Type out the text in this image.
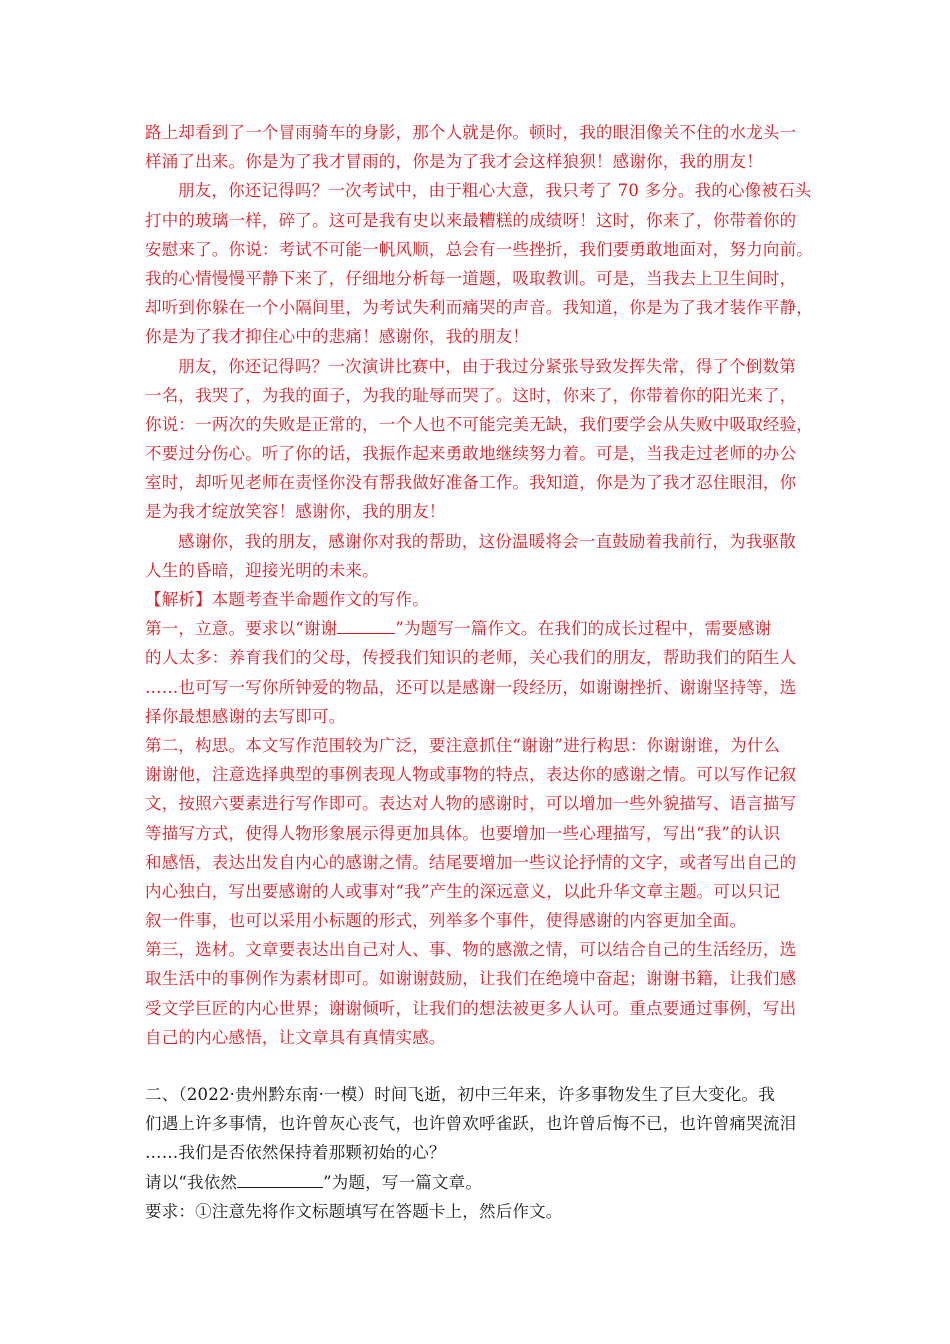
路上却看到了一个冒雨骑车的身影，那个人就是你。顿时，我的眼泪像关不住的水龙头一
样涌了出来。你是为了我才冒雨的，你是为了我才会这样狼狈！感谢你，我的朋友！
朋友，你还记得吗？一次考试中，由于粗心大意，我只考了 70 多分。我的心像被石头
打中的玻璃一样，碎了。这可是我有史以来最糟糕的成绩呀！这时，你来了，你带着你的
安慰来了。你说：考试不可能一帆风顺，总会有一些挫折，我们要勇敢地面对，努力向前。
我的心情慢慢平静下来了，仔细地分析每一道题，吸取教训。可是，当我去上卫生间时，
却听到你躲在一个小隔间里，为考试失利而痛哭的声音。我知道，你是为了我才装作平静，
你是为了我才抑住心中的悲痛！感谢你，我的朋友！
朋友，你还记得吗？一次演讲比赛中，由于我过分紧张导致发挥失常，得了个倒数第
一名，我哭了，为我的面子，为我的耻辱而哭了。这时，你来了，你带着你的阳光来了，
你说：一两次的失败是正常的，一个人也不可能完美无缺，我们要学会从失败中吸取经验，
不要过分伤心。听了你的话，我振作起来勇敢地继续努力着。可是，当我走过老师的办公
室时，却听见老师在责怪你没有帮我做好准备工作。我知道，你是为了我才忍住眼泪，你
是为我才绽放笑容！感谢你，我的朋友！
感谢你，我的朋友，感谢你对我的帮助，这份温暖将会一直鼓励着我前行，为我驱散
人生的昏暗，迎接光明的未来。
【解析】本题考查半命题作文的写作。
第一，立意。要求以“谢谢	”为题写一篇作文。在我们的成长过程中，需要感谢
的人太多：养育我们的父母，传授我们知识的老师，关心我们的朋友，帮助我们的陌生人
……也可写一写你所钟爱的物品，还可以是感谢一段经历，如谢谢挫折、谢谢坚持等，选
择你最想感谢的去写即可。
第二，构思。本文写作范围较为广泛，要注意抓住“谢谢”进行构思：你谢谢谁，为什么
谢谢他，注意选择典型的事例表现人物或事物的特点，表达你的感谢之情。可以写作记叙
文，按照六要素进行写作即可。表达对人物的感谢时，可以增加一些外貌描写、语言描写
等描写方式，使得人物形象展示得更加具体。也要增加一些心理描写，写出“我”的认识
和感悟，表达出发自内心的感谢之情。结尾要增加一些议论抒情的文字，或者写出自己的
内心独白，写出要感谢的人或事对“我”产生的深远意义，以此升华文章主题。可以只记
叙一件事，也可以采用小标题的形式，列举多个事件，使得感谢的内容更加全面。
第三，选材。文章要表达出自己对人、事、物的感激之情，可以结合自己的生活经历，选
取生活中的事例作为素材即可。如谢谢鼓励，让我们在绝境中奋起；谢谢书籍，让我们感
受文学巨匠的内心世界；谢谢倾听，让我们的想法被更多人认可。重点要通过事例，写出
自己的内心感悟，让文章具有真情实感。
二、（2022·贵州黔东南·一模）时间飞逝，初中三年来，许多事物发生了巨大变化。我
们遇上许多事情，也许曾灰心丧气，也许曾欢呼雀跃，也许曾后悔不已，也许曾痛哭流泪
……我们是否依然保持着那颗初始的心？
请以“我依然	”为题，写一篇文章。
要求：①注意先将作文标题填写在答题卡上，然后作文。
